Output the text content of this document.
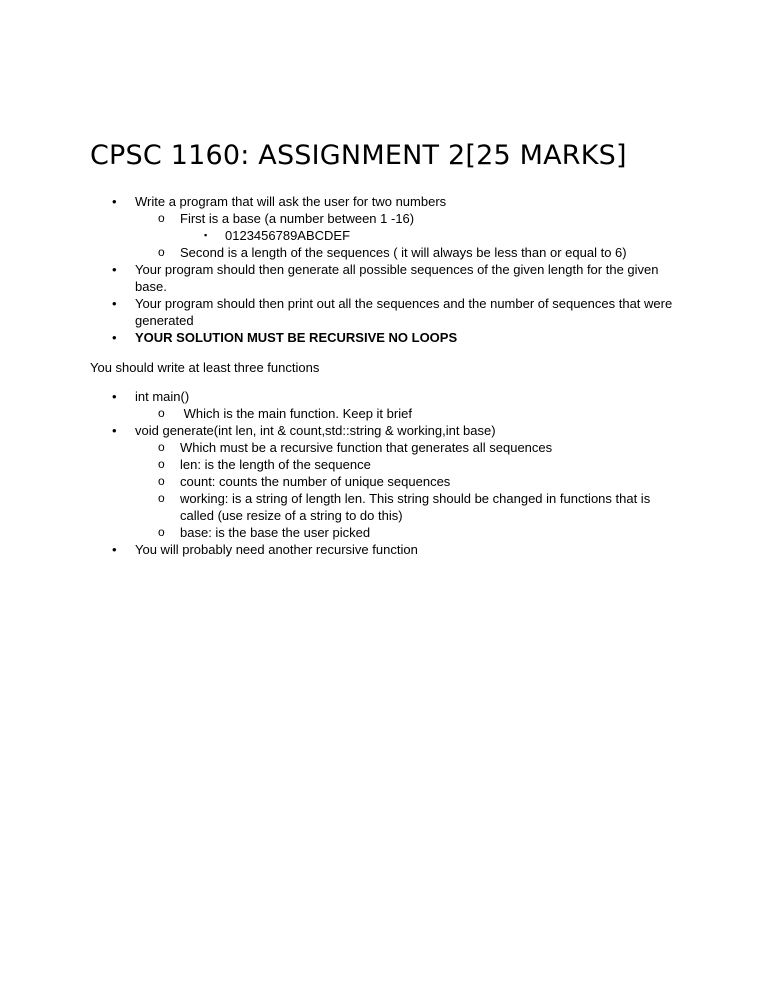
CPSC 1160: ASSIGNMENT 2[25 MARKS]
• Write a program that will ask the user for two numbers
o First is a base (a number between 1 -16)
▪ 0123456789ABCDEF
o Second is a length of the sequences ( it will always be less than or equal to 6)
• Your program should then generate all possible sequences of the given length for the given base.
• Your program should then print out all the sequences and the number of sequences that were generated
• YOUR SOLUTION MUST BE RECURSIVE NO LOOPS

You should write at least three functions

• int main()
o Which is the main function. Keep it brief
• void generate(int len, int & count,std::string & working,int base)
o Which must be a recursive function that generates all sequences
o len: is the length of the sequence
o count: counts the number of unique sequences
o working: is a string of length len. This string should be changed in functions that is called (use resize of a string to do this)
o base: is the base the user picked
• You will probably need another recursive function
